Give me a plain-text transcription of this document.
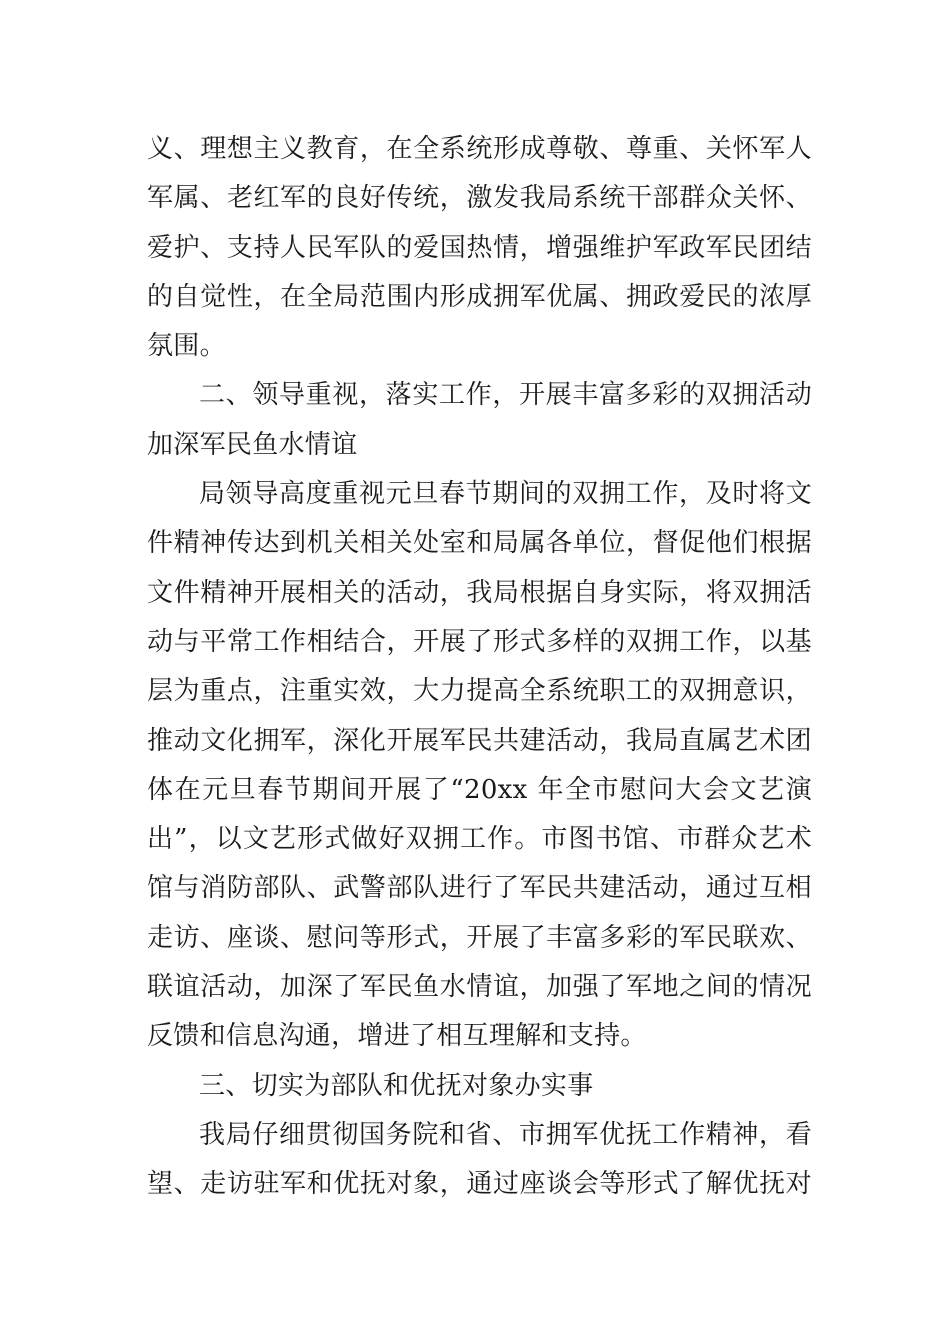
义、理想主义教育，在全系统形成尊敬、尊重、关怀军人
军属、老红军的良好传统，激发我局系统干部群众关怀、
爱护、支持人民军队的爱国热情，增强维护军政军民团结
的自觉性，在全局范围内形成拥军优属、拥政爱民的浓厚
氛围。
二、领导重视，落实工作，开展丰富多彩的双拥活动
加深军民鱼水情谊
局领导高度重视元旦春节期间的双拥工作，及时将文
件精神传达到机关相关处室和局属各单位，督促他们根据
文件精神开展相关的活动，我局根据自身实际，将双拥活
动与平常工作相结合，开展了形式多样的双拥工作，以基
层为重点，注重实效，大力提高全系统职工的双拥意识，
推动文化拥军，深化开展军民共建活动，我局直属艺术团
体在元旦春节期间开展了“20xx 年全市慰问大会文艺演
出”，以文艺形式做好双拥工作。市图书馆、市群众艺术
馆与消防部队、武警部队进行了军民共建活动，通过互相
走访、座谈、慰问等形式，开展了丰富多彩的军民联欢、
联谊活动，加深了军民鱼水情谊，加强了军地之间的情况
反馈和信息沟通，增进了相互理解和支持。
三、切实为部队和优抚对象办实事
我局仔细贯彻国务院和省、市拥军优抚工作精神，看
望、走访驻军和优抚对象，通过座谈会等形式了解优抚对
